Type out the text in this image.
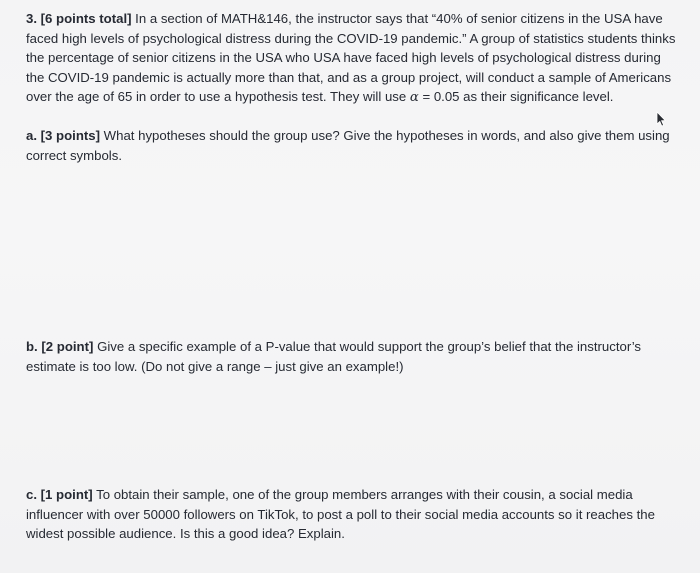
3. [6 points total] In a section of MATH&146, the instructor says that “40% of senior citizens in the USA have
faced high levels of psychological distress during the COVID-19 pandemic.” A group of statistics students thinks
the percentage of senior citizens in the USA who USA have faced high levels of psychological distress during
the COVID-19 pandemic is actually more than that, and as a group project, will conduct a sample of Americans
over the age of 65 in order to use a hypothesis test. They will use α = 0.05 as their significance level.
a. [3 points] What hypotheses should the group use? Give the hypotheses in words, and also give them using
correct symbols.
b. [2 point] Give a specific example of a P-value that would support the group’s belief that the instructor’s
estimate is too low. (Do not give a range – just give an example!)
c. [1 point] To obtain their sample, one of the group members arranges with their cousin, a social media
influencer with over 50000 followers on TikTok, to post a poll to their social media accounts so it reaches the
widest possible audience. Is this a good idea? Explain.
